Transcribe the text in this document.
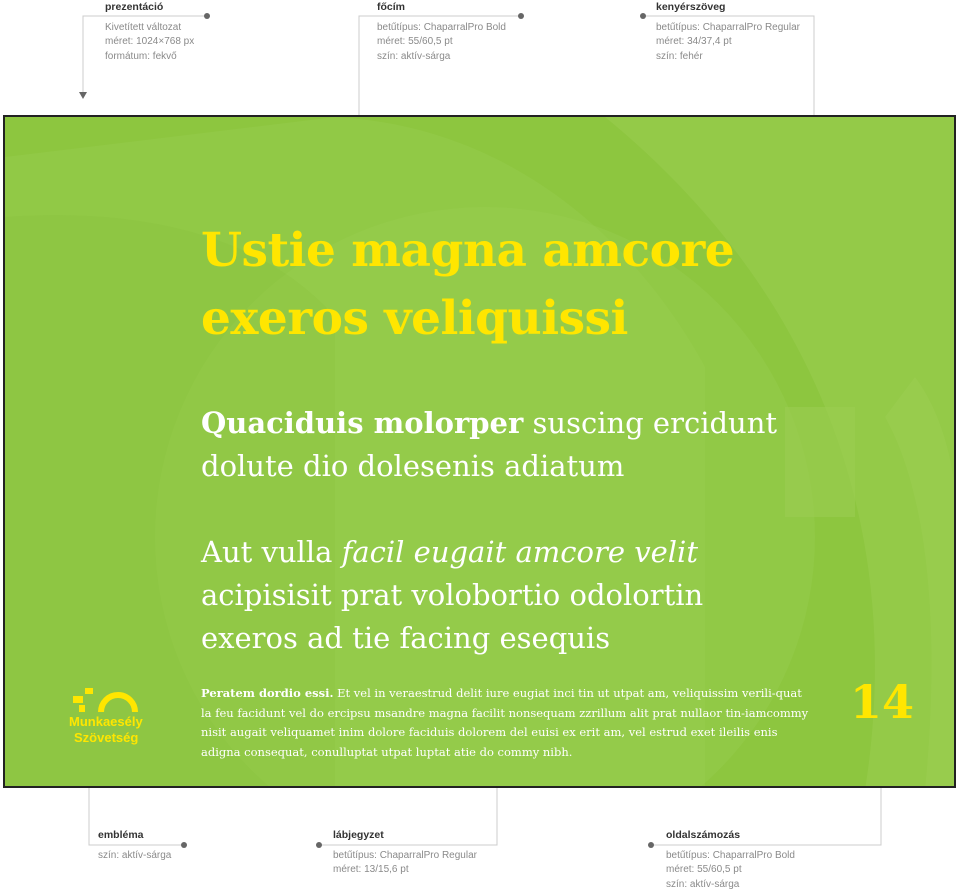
prezentáció
Kivetített változat
méret: 1024×768 px
formátum: fekvő
főcím
betűtípus: ChaparralPro Bold
méret: 55/60,5 pt
szín: aktív-sárga
kenyérszöveg
betűtípus: ChaparralPro Regular
méret: 34/37,4 pt
szín: fehér
Ustie magna amcore
exeros veliquissi
Quaciduis molorper suscing ercidunt
dolute dio dolesenis adiatum
Aut vulla facil eugait amcore velit
acipisisit prat volobortio odolortin
exeros ad tie facing esequis
Peratem dordio essi. Et vel in veraestrud delit iure eugiat inci tin ut utpat am, veliquissim verili-quat la feu facidunt vel do ercipsu msandre magna facilit nonsequam zzrillum alit prat nullaor tin-iamcommy nisit augait veliquamet inim dolore faciduis dolorem del euisi ex erit am, vel estrud exet ileilis enis adigna consequat, conulluptat utpat luptat atie do commy nibh.
Munkaesély
Szövetség
14
embléma
szín: aktív-sárga
lábjegyzet
betűtípus: ChaparralPro Regular
méret: 13/15,6 pt
oldalszámozás
betűtípus: ChaparralPro Bold
méret: 55/60,5 pt
szín: aktív-sárga
